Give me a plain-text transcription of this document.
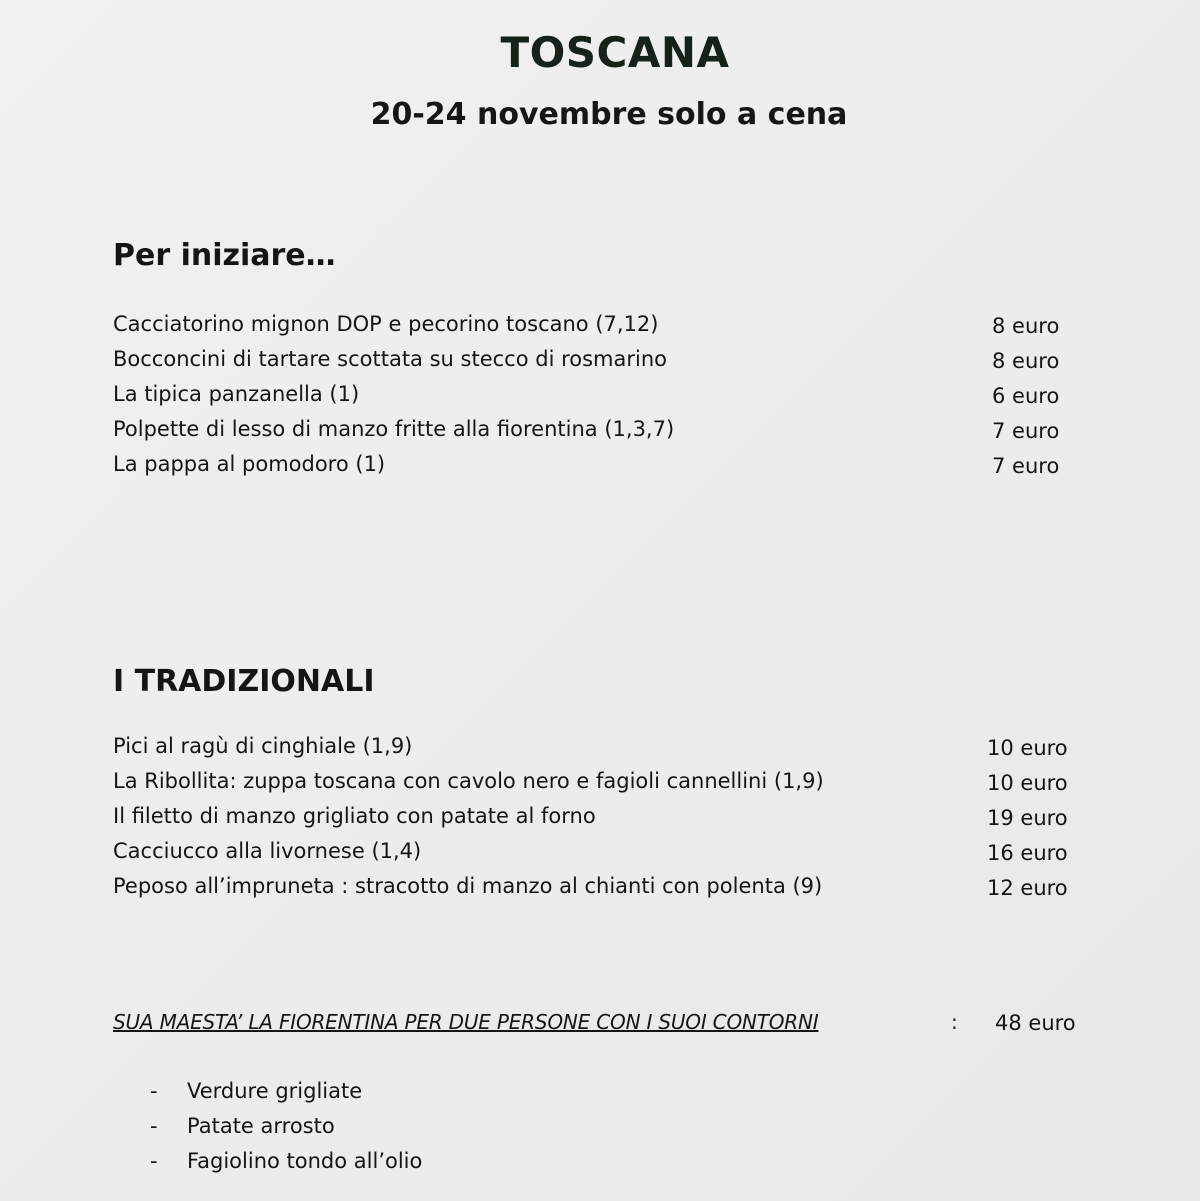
TOSCANA
20-24 novembre solo a cena
Per iniziare…
Cacciatorino mignon DOP e pecorino toscano (7,12)	8 euro
Bocconcini di tartare scottata su stecco di rosmarino	8 euro
La tipica panzanella (1)	6 euro
Polpette di lesso di manzo fritte alla fiorentina (1,3,7)	7 euro
La pappa al pomodoro (1)	7 euro
I TRADIZIONALI
Pici al ragù di cinghiale (1,9)	10 euro
La Ribollita: zuppa toscana con cavolo nero e fagioli cannellini (1,9)	10 euro
Il filetto di manzo grigliato con patate al forno	19 euro
Cacciucco alla livornese (1,4)	16 euro
Peposo all’impruneta : stracotto di manzo al chianti con polenta (9)	12 euro
SUA MAESTA’ LA FIORENTINA PER DUE PERSONE CON I SUOI CONTORNI	: 48 euro
- Verdure grigliate
- Patate arrosto
- Fagiolino tondo all’olio
